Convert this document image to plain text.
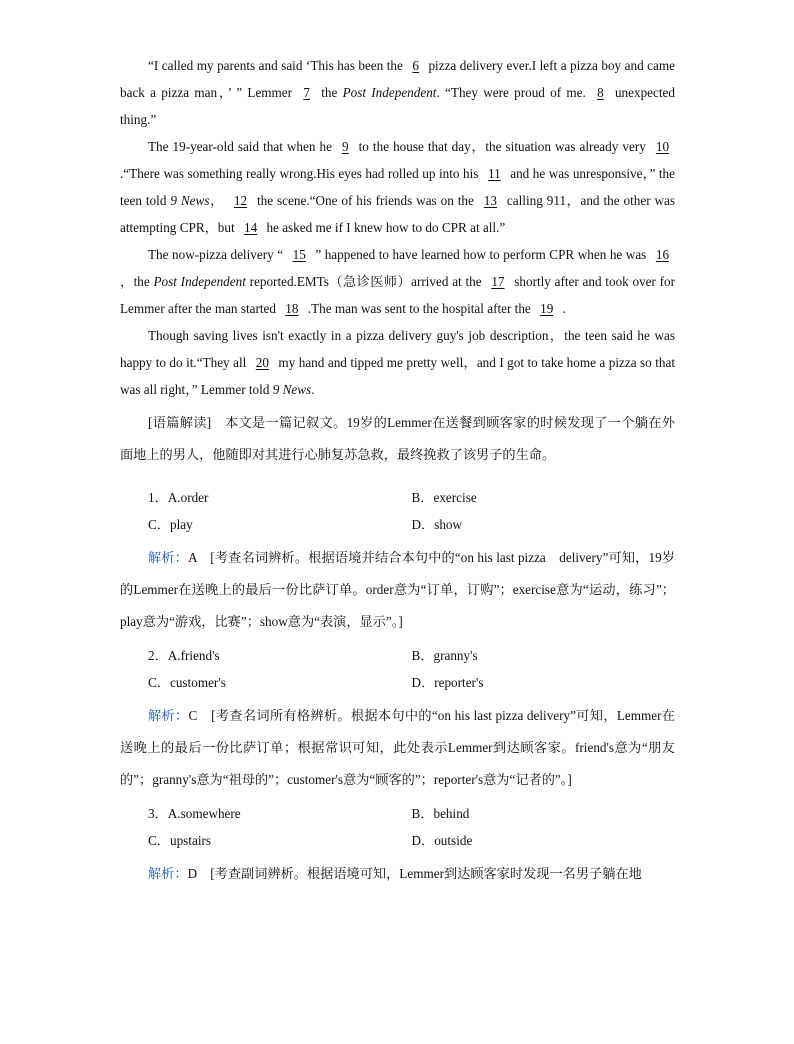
“I called my parents and said ‘This has been the 6 pizza delivery ever.I left a pizza boy and came back a pizza man，’ ” Lemmer 7 the Post Independent. “They were proud of me. 8 unexpected thing.”

The 19-year-old said that when he 9 to the house that day，the situation was already very 10 .“There was something really wrong.His eyes had rolled up into his 11 and he was unresponsive，” the teen told 9 News， 12 the scene.“One of his friends was on the 13 calling 911，and the other was attempting CPR，but 14 he asked me if I knew how to do CPR at all.”

The now-pizza delivery “ 15 ” happened to have learned how to perform CPR when he was 16 ，the Post Independent reported.EMTs（急诊医师）arrived at the 17 shortly after and took over for Lemmer after the man started 18 .The man was sent to the hospital after the 19 .

Though saving lives isn't exactly in a pizza delivery guy's job description，the teen said he was happy to do it.“They all 20 my hand and tipped me pretty well，and I got to take home a pizza so that was all right，” Lemmer told 9 News.

[语篇解读]　本文是一篇记叙文。19岁的Lemmer在送餐到顾客家的时候发现了一个躺在外面地上的男人，他随即对其进行心肺复苏急救，最终挽救了该男子的生命。

1．A.order	B．exercise
C．play	D．show

解析：A　[考查名词辨析。根据语境并结合本句中的“on his last pizza　delivery”可知，19岁的Lemmer在送晚上的最后一份比萨订单。order意为“订单，订购”；exercise意为“运动，练习”；play意为“游戏，比赛”；show意为“表演，显示”。]

2．A.friend's	B．granny's
C．customer's	D．reporter's

解析：C　[考查名词所有格辨析。根据本句中的“on his last pizza delivery”可知，Lemmer在送晚上的最后一份比萨订单；根据常识可知，此处表示Lemmer到达顾客家。friend's意为“朋友的”；granny's意为“祖母的”；customer's意为“顾客的”；reporter's意为“记者的”。]

3．A.somewhere	B．behind
C．upstairs	D．outside

解析：D　[考查副词辨析。根据语境可知，Lemmer到达顾客家时发现一名男子躺在地
